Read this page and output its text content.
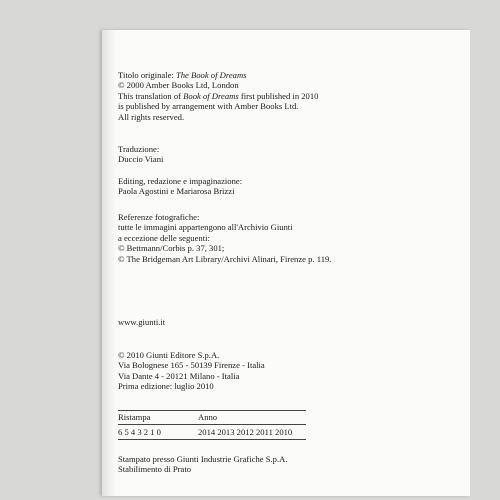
Titolo originale: The Book of Dreams
© 2000 Amber Books Ltd, London
This translation of Book of Dreams first published in 2010
is published by arrangement with Amber Books Ltd.
All rights reserved.
Traduzione:
Duccio Viani
Editing, redazione e impaginazione:
Paola Agostini e Mariarosa Brizzi
Referenze fotografiche:
tutte le immagini appartengono all'Archivio Giunti
a eccezione delle seguenti:
© Bettmann/Corbis p. 37, 301;
© The Bridgeman Art Library/Archivi Alinari, Firenze p. 119.
www.giunti.it
© 2010 Giunti Editore S.p.A.
Via Bolognese 165 - 50139 Firenze - Italia
Via Dante 4 - 20121 Milano - Italia
Prima edizione: luglio 2010
Ristampa	Anno
6 5 4 3 2 1 0	2014 2013 2012 2011 2010
Stampato presso Giunti Industrie Grafiche S.p.A.
Stabilimento di Prato
